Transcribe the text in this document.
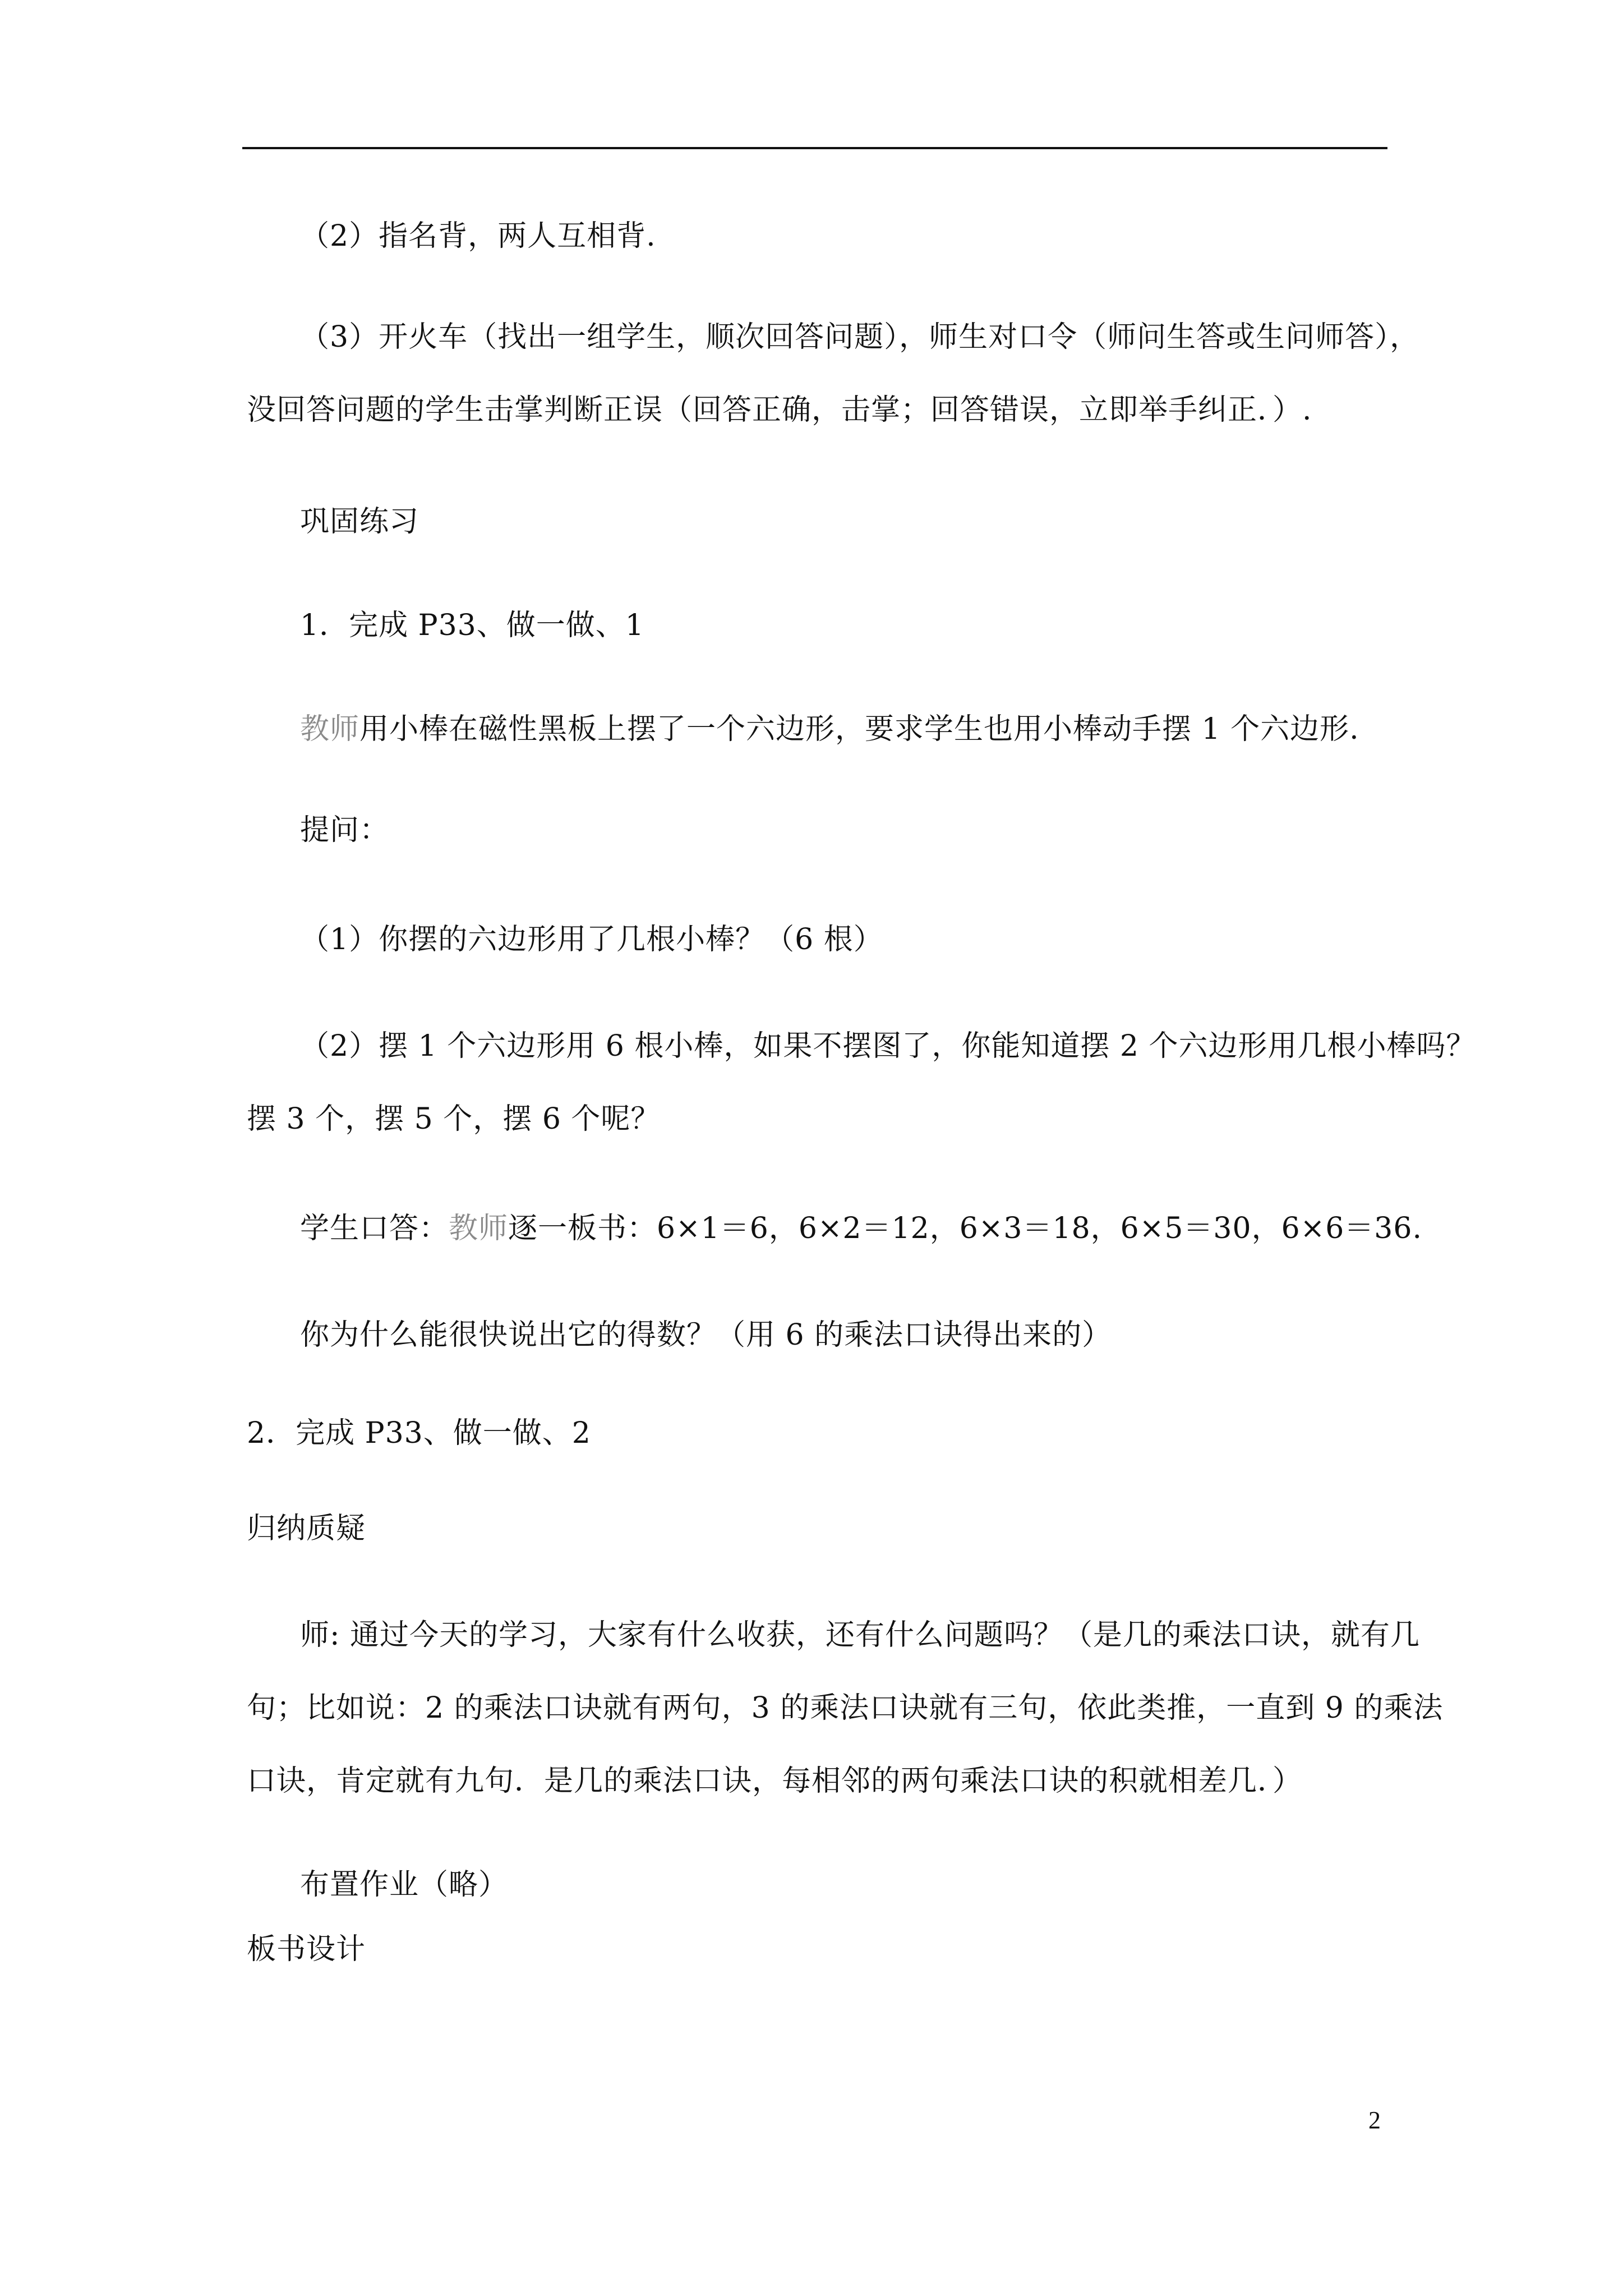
（2）指名背，两人互相背.
（3）开火车（找出一组学生，顺次回答问题），师生对口令（师问生答或生问师答），
没回答问题的学生击掌判断正误（回答正确，击掌；回答错误，立即举手纠正．）.
巩固练习
1．完成 P33、做一做、1
教师用小棒在磁性黑板上摆了一个六边形，要求学生也用小棒动手摆 1 个六边形.
提问：
（1）你摆的六边形用了几根小棒？（6 根）
（2）摆 1 个六边形用 6 根小棒，如果不摆图了，你能知道摆 2 个六边形用几根小棒吗？
摆 3 个，摆 5 个，摆 6 个呢？
学生口答：教师逐一板书：6×1＝6，6×2＝12，6×3＝18，6×5＝30，6×6＝36.
你为什么能很快说出它的得数？（用 6 的乘法口诀得出来的）
2．完成 P33、做一做、2
归纳质疑
师: 通过今天的学习，大家有什么收获，还有什么问题吗？（是几的乘法口诀，就有几
句；比如说：2 的乘法口诀就有两句，3 的乘法口诀就有三句，依此类推，一直到 9 的乘法
口诀，肯定就有九句．是几的乘法口诀，每相邻的两句乘法口诀的积就相差几．）
布置作业（略）
板书设计
2
